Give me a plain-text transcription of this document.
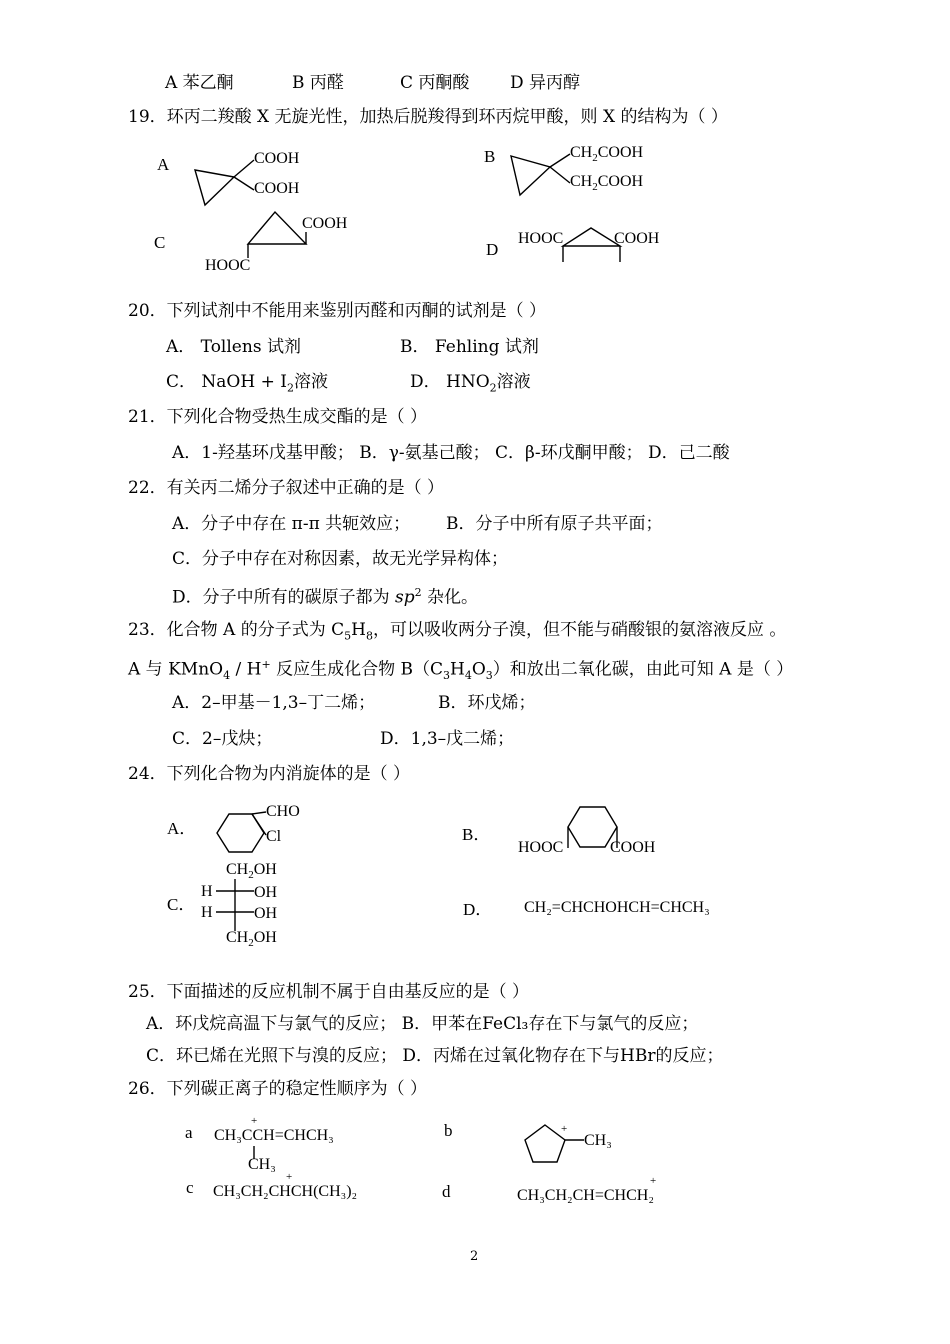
A 苯乙酮	B 丙醛	C 丙酮酸 D 异丙醇
19．环丙二羧酸 X 无旋光性，加热后脱羧得到环丙烷甲酸，则 X 的结构为（ ）
A	B
C	D
COOH
COOH
$CH_2COOH$
$CH_2COOH$
COOH
HOOC
HOOC	COOH
20．下列试剂中不能用来鉴别丙醛和丙酮的试剂是（ ）
A． Tollens 试剂	B． Fehling 试剂
C． NaOH + $I_2$溶液	D． $HNO_2$溶液
21．下列化合物受热生成交酯的是（ ）
A．1-羟基环戊基甲酸； B．γ-氨基己酸； C．β-环戊酮甲酸； D．己二酸
22．有关丙二烯分子叙述中正确的是（ ）
A．分子中存在 π-π 共轭效应； B．分子中所有原子共平面；
C．分子中存在对称因素，故无光学异构体；
D．分子中所有的碳原子都为 $sp^2$ 杂化。
23．化合物 A 的分子式为 $C_5H_8$，可以吸收两分子溴，但不能与硝酸银的氨溶液反应 。
A 与 KMnO$_4$ / H+ 反应生成化合物 $B(C_3H_4O_3)$和放出二氧化碳，由此可知 A 是（ ）
A．2–甲基－1,3–丁二烯；	B．环戊烯；
C．2–戊炔；	D．1,3–戊二烯；
24．下列化合物为内消旋体的是（ ）
A．	B．
C．	D．
CHO
Cl
HOOC	COOH
$CH_2OH$
H	OH
H	OH
$CH_2OH$
CH₂=CHCHOHCH=CHCH₃
25．下面描述的反应机制不属于自由基反应的是（ ）
A．环戊烷高温下与氯气的反应； B．甲苯在FeCl₃存在下与氯气的反应；
C．环已烯在光照下与溴的反应； D．丙烯在过氧化物存在下与HBr的反应；
26．下列碳正离子的稳定性顺序为（ ）
a	b
c	d
+
CH₃CCH=CHCH₃
CH₃
+
CH₃
+
CH₃CH₂CHCH(CH₃)₂
+
CH₃CH₂CH=CHCH₂
2
